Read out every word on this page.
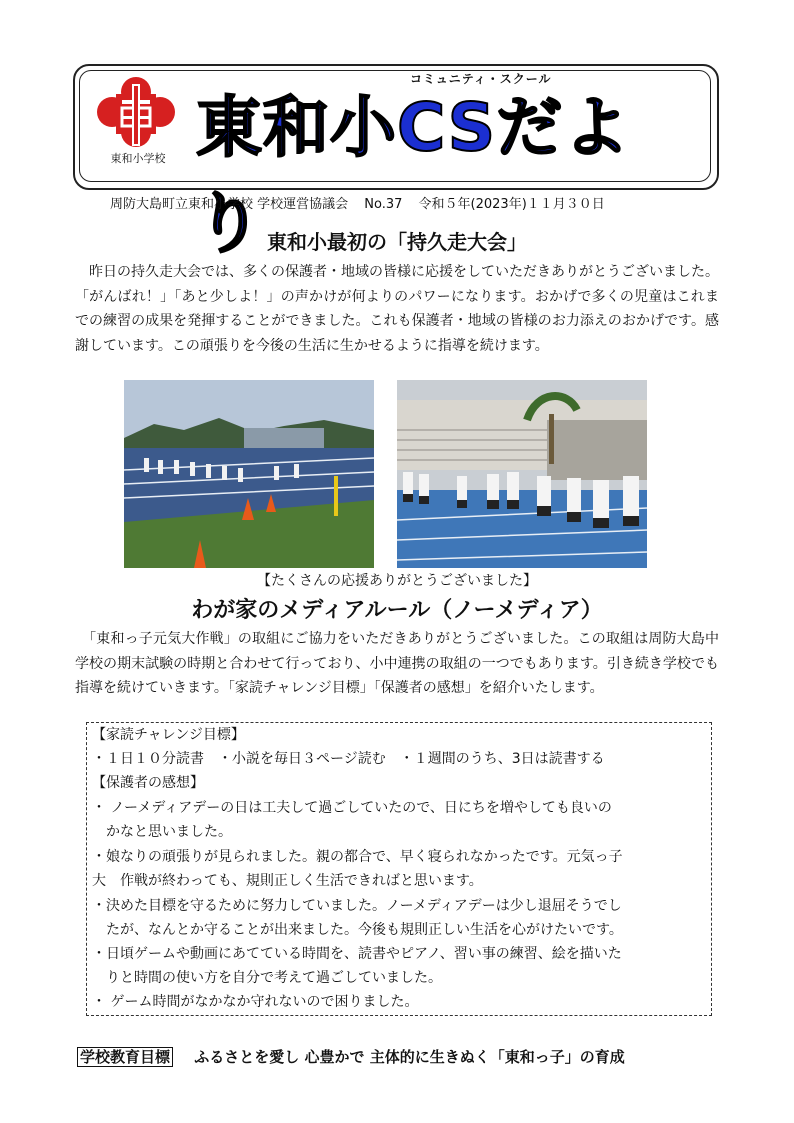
東和小学校
コミュニティ・スクール
東和小CSだより
周防大島町立東和小学校 学校運営協議会 No.37 令和５年(2023年)１１月３０日
東和小最初の「持久走大会」
　昨日の持久走大会では、多くの保護者・地域の皆様に応援をしていただきありがとうございました。「がんばれ！」「あと少しよ！」の声かけが何よりのパワーになります。おかげで多くの児童はこれまでの練習の成果を発揮することができました。これも保護者・地域の皆様のお力添えのおかげです。感謝しています。この頑張りを今後の生活に生かせるように指導を続けます。
【たくさんの応援ありがとうございました】
わが家のメディアルール（ノーメディア）
　「東和っ子元気大作戦」の取組にご協力をいただきありがとうございました。この取組は周防大島中学校の期末試験の時期と合わせて行っており、小中連携の取組の一つでもあります。引き続き学校でも指導を続けていきます。「家読チャレンジ目標」「保護者の感想」を紹介いたします。
【家読チャレンジ目標】
・１日１０分読書　・小説を毎日３ページ読む　・１週間のうち、3日は読書する
【保護者の感想】
・ ノーメディアデーの日は工夫して過ごしていたので、日にちを増やしても良いの
　かなと思いました。
・娘なりの頑張りが見られました。親の都合で、早く寝られなかったです。元気っ子
大　作戦が終わっても、規則正しく生活できればと思います。
・決めた目標を守るために努力していました。ノーメディアデーは少し退屈そうでし
　たが、なんとか守ることが出来ました。今後も規則正しい生活を心がけたいです。
・日頃ゲームや動画にあてている時間を、読書やピアノ、習い事の練習、絵を描いた
　りと時間の使い方を自分で考えて過ごしていました。
・ ゲーム時間がなかなか守れないので困りました。
学校教育目標 ふるさとを愛し 心豊かで 主体的に生きぬく「東和っ子」の育成
